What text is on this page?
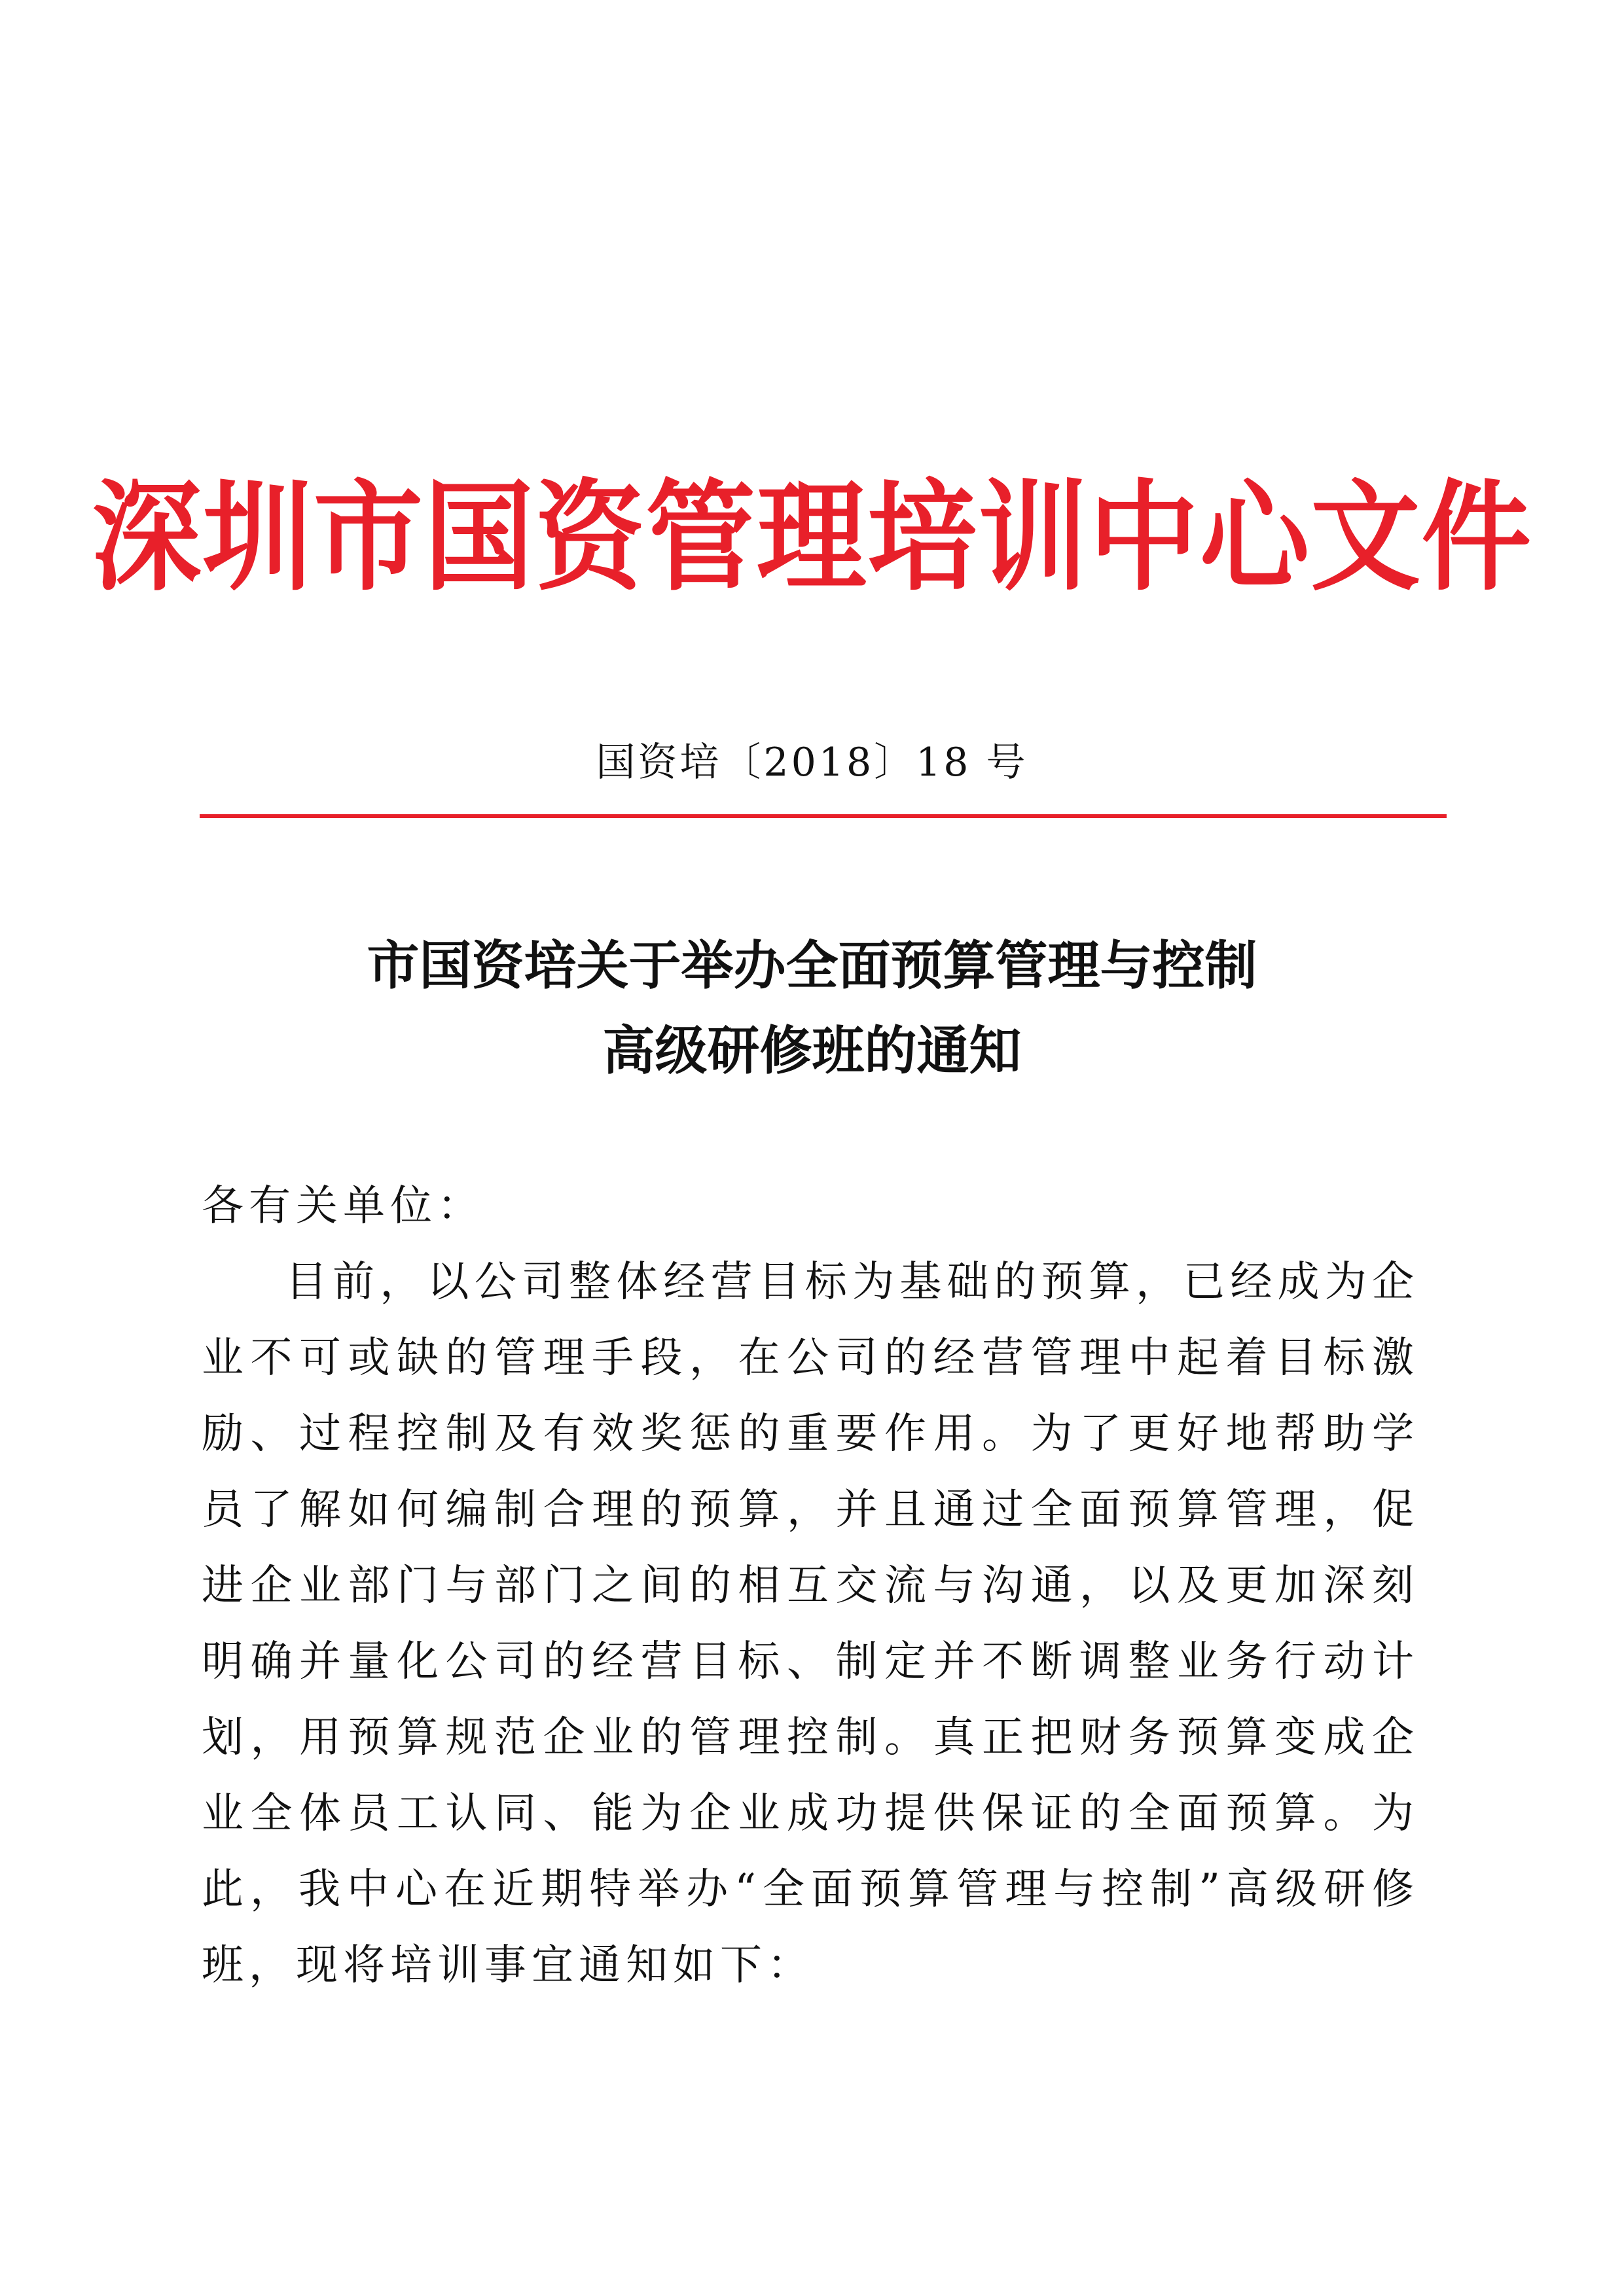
深圳市国资管理培训中心文件
国资培〔2018〕18 号
市国资培关于举办全面预算管理与控制
高级研修班的通知
各有关单位：
目前，以公司整体经营目标为基础的预算，已经成为企业不可或缺的管理手段，在公司的经营管理中起着目标激励、过程控制及有效奖惩的重要作用。为了更好地帮助学员了解如何编制合理的预算，并且通过全面预算管理，促进企业部门与部门之间的相互交流与沟通，以及更加深刻明确并量化公司的经营目标、制定并不断调整业务行动计划，用预算规范企业的管理控制。真正把财务预算变成企业全体员工认同、能为企业成功提供保证的全面预算。为此，我中心在近期特举办“全面预算管理与控制”高级研修班，现将培训事宜通知如下：
